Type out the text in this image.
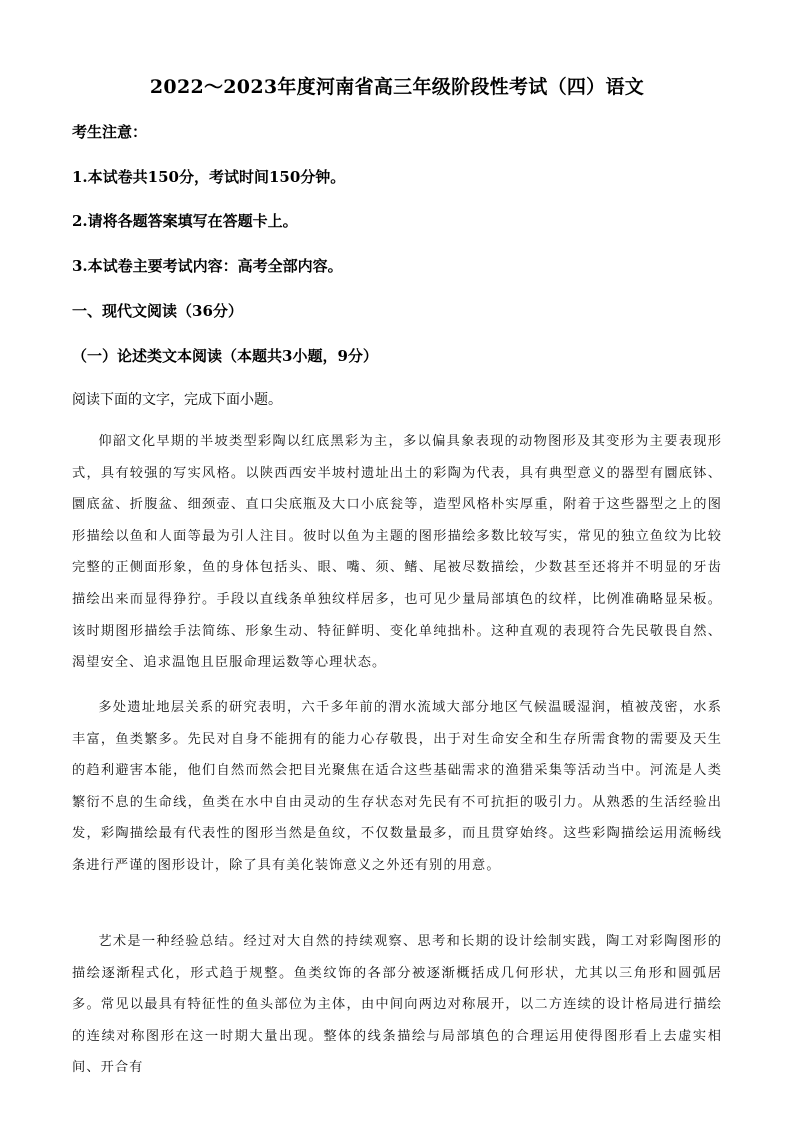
2022～2023年度河南省高三年级阶段性考试（四）语文
考生注意：
1.本试卷共150分，考试时间150分钟。
2.请将各题答案填写在答题卡上。
3.本试卷主要考试内容：高考全部内容。
一、现代文阅读（36分）
（一）论述类文本阅读（本题共3小题，9分）
阅读下面的文字，完成下面小题。
仰韶文化早期的半坡类型彩陶以红底黑彩为主，多以偏具象表现的动物图形及其变形为主要表现形式，具有较强的写实风格。以陕西西安半坡村遗址出土的彩陶为代表，具有典型意义的器型有圜底钵、圜底盆、折腹盆、细颈壶、直口尖底瓶及大口小底瓮等，造型风格朴实厚重，附着于这些器型之上的图形描绘以鱼和人面等最为引人注目。彼时以鱼为主题的图形描绘多数比较写实，常见的独立鱼纹为比较完整的正侧面形象，鱼的身体包括头、眼、嘴、须、鳍、尾被尽数描绘，少数甚至还将并不明显的牙齿描绘出来而显得狰狞。手段以直线条单独纹样居多，也可见少量局部填色的纹样，比例准确略显呆板。该时期图形描绘手法简练、形象生动、特征鲜明、变化单纯拙朴。这种直观的表现符合先民敬畏自然、渴望安全、追求温饱且臣服命理运数等心理状态。
多处遗址地层关系的研究表明，六千多年前的渭水流域大部分地区气候温暖湿润，植被茂密，水系丰富，鱼类繁多。先民对自身不能拥有的能力心存敬畏，出于对生命安全和生存所需食物的需要及天生的趋利避害本能，他们自然而然会把目光聚焦在适合这些基础需求的渔猎采集等活动当中。河流是人类繁衍不息的生命线，鱼类在水中自由灵动的生存状态对先民有不可抗拒的吸引力。从熟悉的生活经验出发，彩陶描绘最有代表性的图形当然是鱼纹，不仅数量最多，而且贯穿始终。这些彩陶描绘运用流畅线条进行严谨的图形设计，除了具有美化装饰意义之外还有别的用意。
艺术是一种经验总结。经过对大自然的持续观察、思考和长期的设计绘制实践，陶工对彩陶图形的描绘逐渐程式化，形式趋于规整。鱼类纹饰的各部分被逐渐概括成几何形状，尤其以三角形和圆弧居多。常见以最具有特征性的鱼头部位为主体，由中间向两边对称展开，以二方连续的设计格局进行描绘的连续对称图形在这一时期大量出现。整体的线条描绘与局部填色的合理运用使得图形看上去虚实相间、开合有
